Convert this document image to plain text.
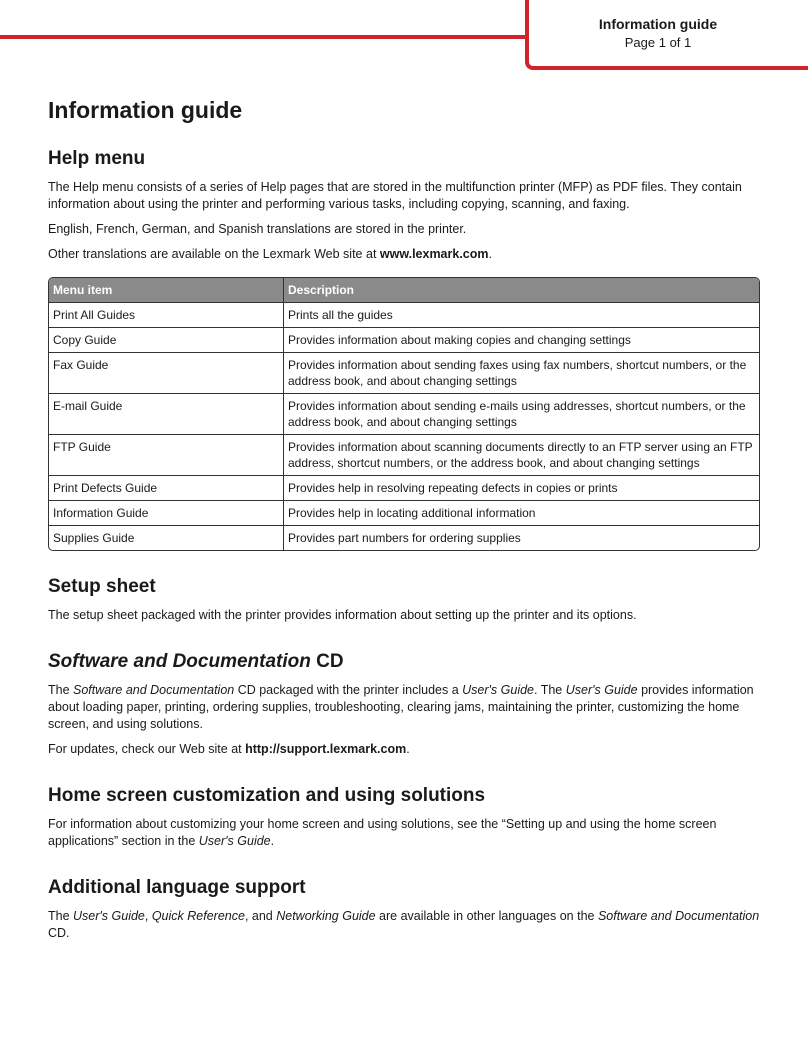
Information guide
Page 1 of 1
Information guide
Help menu

The Help menu consists of a series of Help pages that are stored in the multifunction printer (MFP) as PDF files. They contain information about using the printer and performing various tasks, including copying, scanning, and faxing.

English, French, German, and Spanish translations are stored in the printer.

Other translations are available on the Lexmark Web site at www.lexmark.com.

Menu item	Description
Print All Guides	Prints all the guides
Copy Guide	Provides information about making copies and changing settings
Fax Guide	Provides information about sending faxes using fax numbers, shortcut numbers, or the address book, and about changing settings
E-mail Guide	Provides information about sending e-mails using addresses, shortcut numbers, or the address book, and about changing settings
FTP Guide	Provides information about scanning documents directly to an FTP server using an FTP address, shortcut numbers, or the address book, and about changing settings
Print Defects Guide	Provides help in resolving repeating defects in copies or prints
Information Guide	Provides help in locating additional information
Supplies Guide	Provides part numbers for ordering supplies
Setup sheet

The setup sheet packaged with the printer provides information about setting up the printer and its options.

Software and Documentation CD

The Software and Documentation CD packaged with the printer includes a User's Guide. The User's Guide provides information about loading paper, printing, ordering supplies, troubleshooting, clearing jams, maintaining the printer, customizing the home screen, and using solutions.

For updates, check our Web site at http://support.lexmark.com.

Home screen customization and using solutions

For information about customizing your home screen and using solutions, see the “Setting up and using the home screen applications” section in the User's Guide.

Additional language support

The User's Guide, Quick Reference, and Networking Guide are available in other languages on the Software and Documentation CD.
